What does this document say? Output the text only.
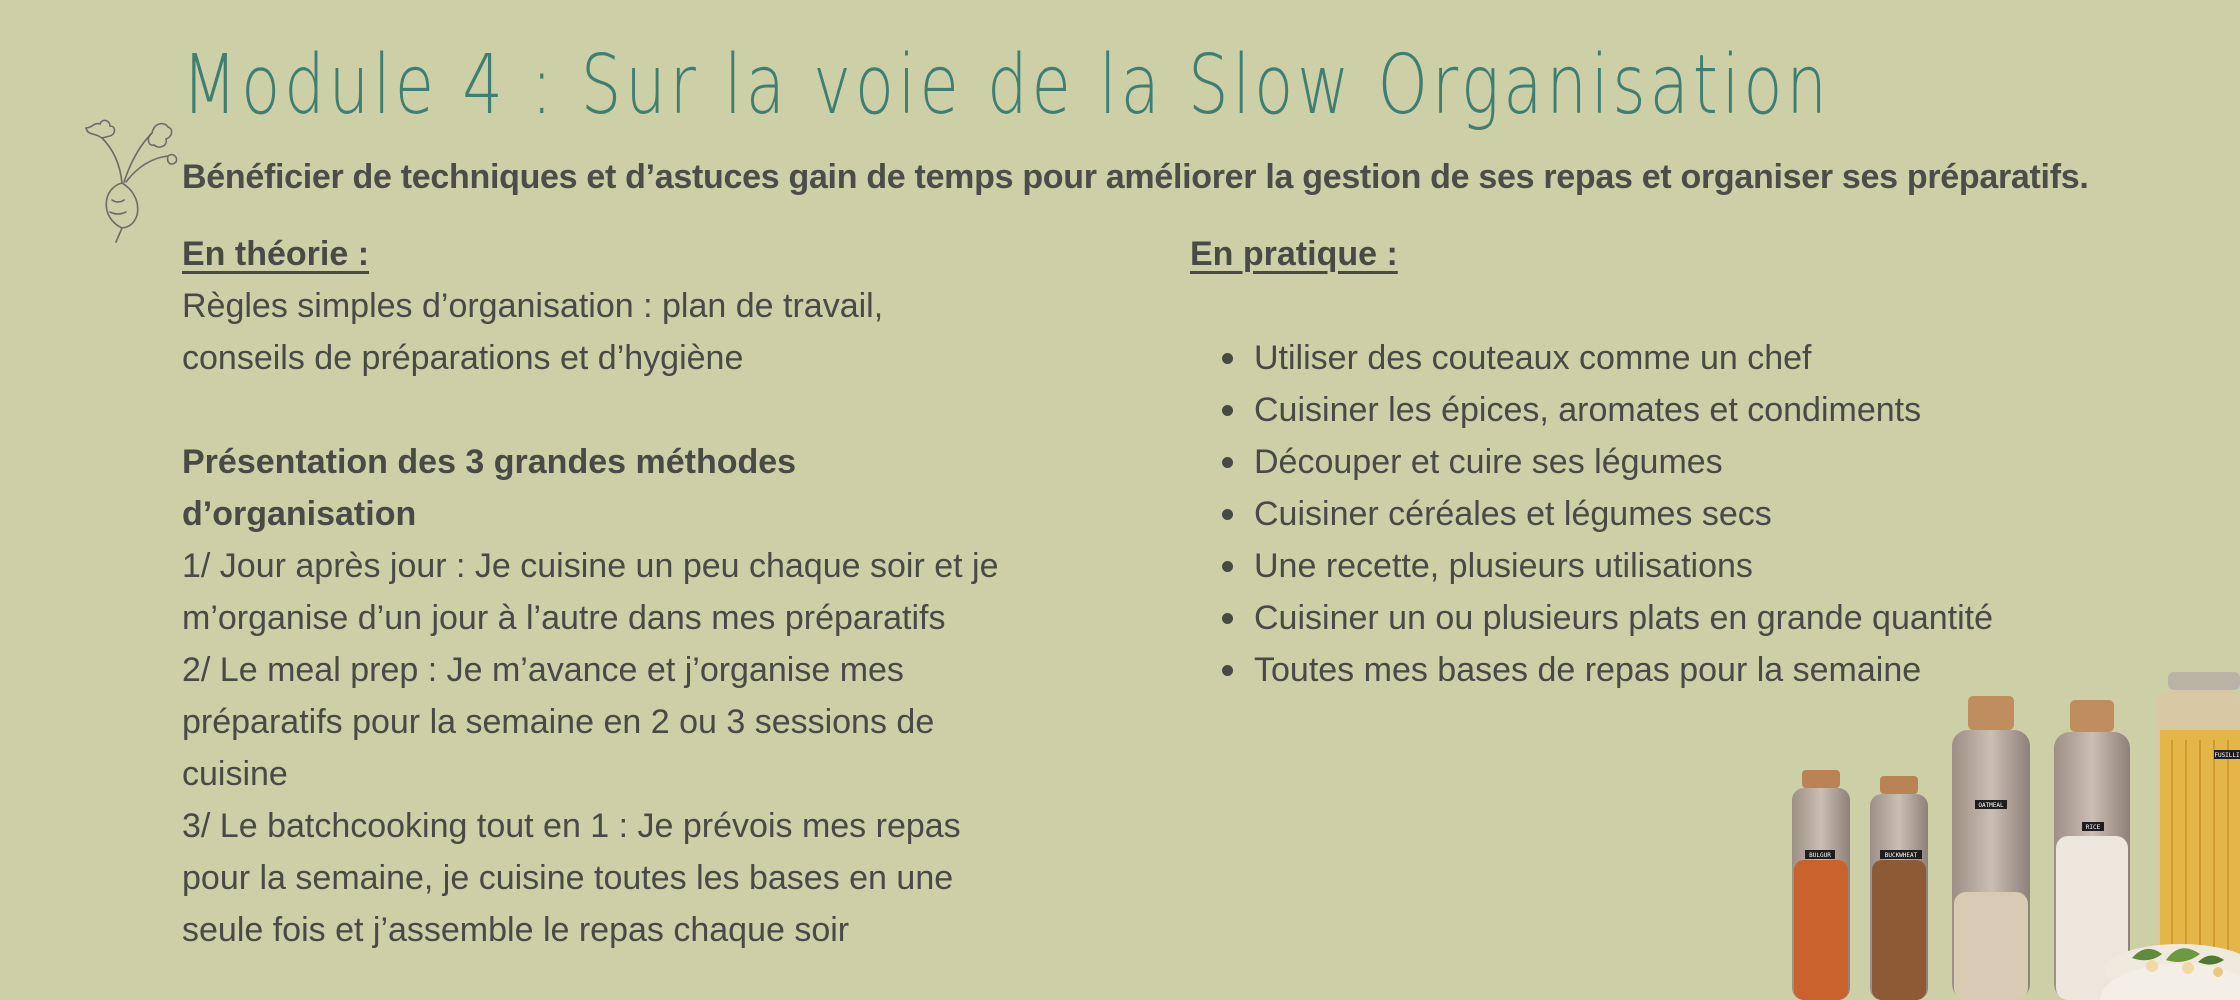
Module 4 : Sur la voie de la Slow Organisation

Bénéficier de techniques et d’astuces gain de temps pour améliorer la gestion de ses repas et organiser ses préparatifs.

En théorie :

Règles simples d’organisation : plan de travail,

conseils de préparations et d’hygiène

Présentation des 3 grandes méthodes

d’organisation

1/ Jour après jour : Je cuisine un peu chaque soir et je

m’organise d’un jour à l’autre dans mes préparatifs

2/ Le meal prep : Je m’avance et j’organise mes

préparatifs pour la semaine en 2 ou 3 sessions de

cuisine

3/ Le batchcooking tout en 1 : Je prévois mes repas

pour la semaine, je cuisine toutes les bases en une

seule fois et j’assemble le repas chaque soir

En pratique :
Utiliser des couteaux comme un chef
Cuisiner les épices, aromates et condiments
Découper et cuire ses légumes
Cuisiner céréales et légumes secs
Une recette, plusieurs utilisations
Cuisiner un ou plusieurs plats en grande quantité
Toutes mes bases de repas pour la semaine
BULGUR	BUCKWHEAT
OATMEAL
RICE
FUSILLI
